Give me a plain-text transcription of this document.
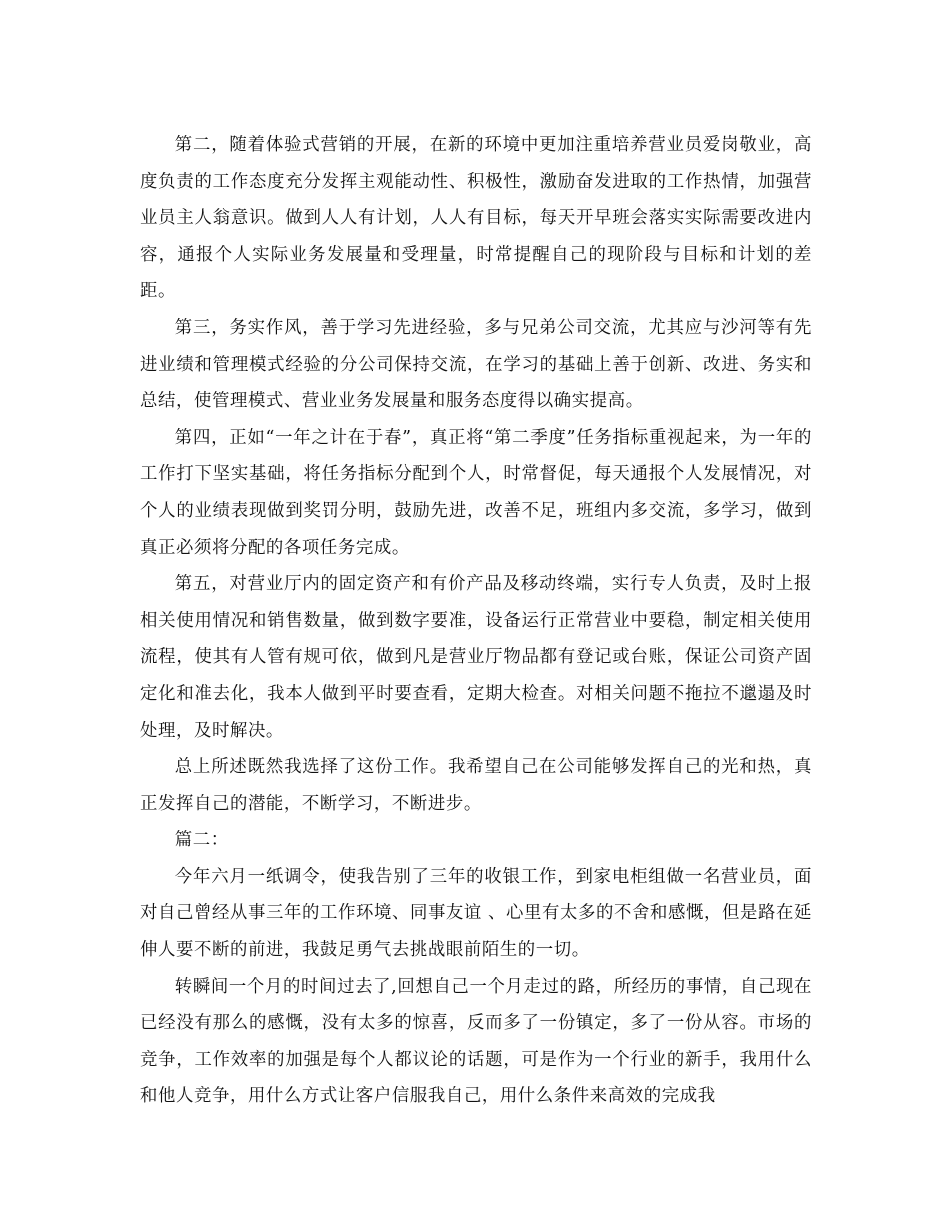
第二，随着体验式营销的开展，在新的环境中更加注重培养营业员爱岗敬业，高度负责的工作态度充分发挥主观能动性、积极性，激励奋发进取的工作热情，加强营业员主人翁意识。做到人人有计划，人人有目标，每天开早班会落实实际需要改进内容，通报个人实际业务发展量和受理量，时常提醒自己的现阶段与目标和计划的差距。

第三，务实作风，善于学习先进经验，多与兄弟公司交流，尤其应与沙河等有先进业绩和管理模式经验的分公司保持交流，在学习的基础上善于创新、改进、务实和总结，使管理模式、营业业务发展量和服务态度得以确实提高。

第四，正如“一年之计在于春”，真正将“第二季度”任务指标重视起来，为一年的工作打下坚实基础，将任务指标分配到个人，时常督促，每天通报个人发展情况，对个人的业绩表现做到奖罚分明，鼓励先进，改善不足，班组内多交流，多学习，做到真正必须将分配的各项任务完成。

第五，对营业厅内的固定资产和有价产品及移动终端，实行专人负责，及时上报相关使用情况和销售数量，做到数字要准，设备运行正常营业中要稳，制定相关使用流程，使其有人管有规可依，做到凡是营业厅物品都有登记或台账，保证公司资产固定化和准去化，我本人做到平时要查看，定期大检查。对相关问题不拖拉不邋遢及时处理，及时解决。

总上所述既然我选择了这份工作。我希望自己在公司能够发挥自己的光和热，真正发挥自己的潜能，不断学习，不断进步。

篇二：

今年六月一纸调令，使我告别了三年的收银工作，到家电柜组做一名营业员，面对自己曾经从事三年的工作环境、同事友谊 、心里有太多的不舍和感慨，但是路在延伸人要不断的前进，我鼓足勇气去挑战眼前陌生的一切。

转瞬间一个月的时间过去了,回想自己一个月走过的路，所经历的事情，自己现在已经没有那么的感慨，没有太多的惊喜，反而多了一份镇定，多了一份从容。市场的竞争，工作效率的加强是每个人都议论的话题，可是作为一个行业的新手，我用什么和他人竞争，用什么方式让客户信服我自己，用什么条件来高效的完成我
